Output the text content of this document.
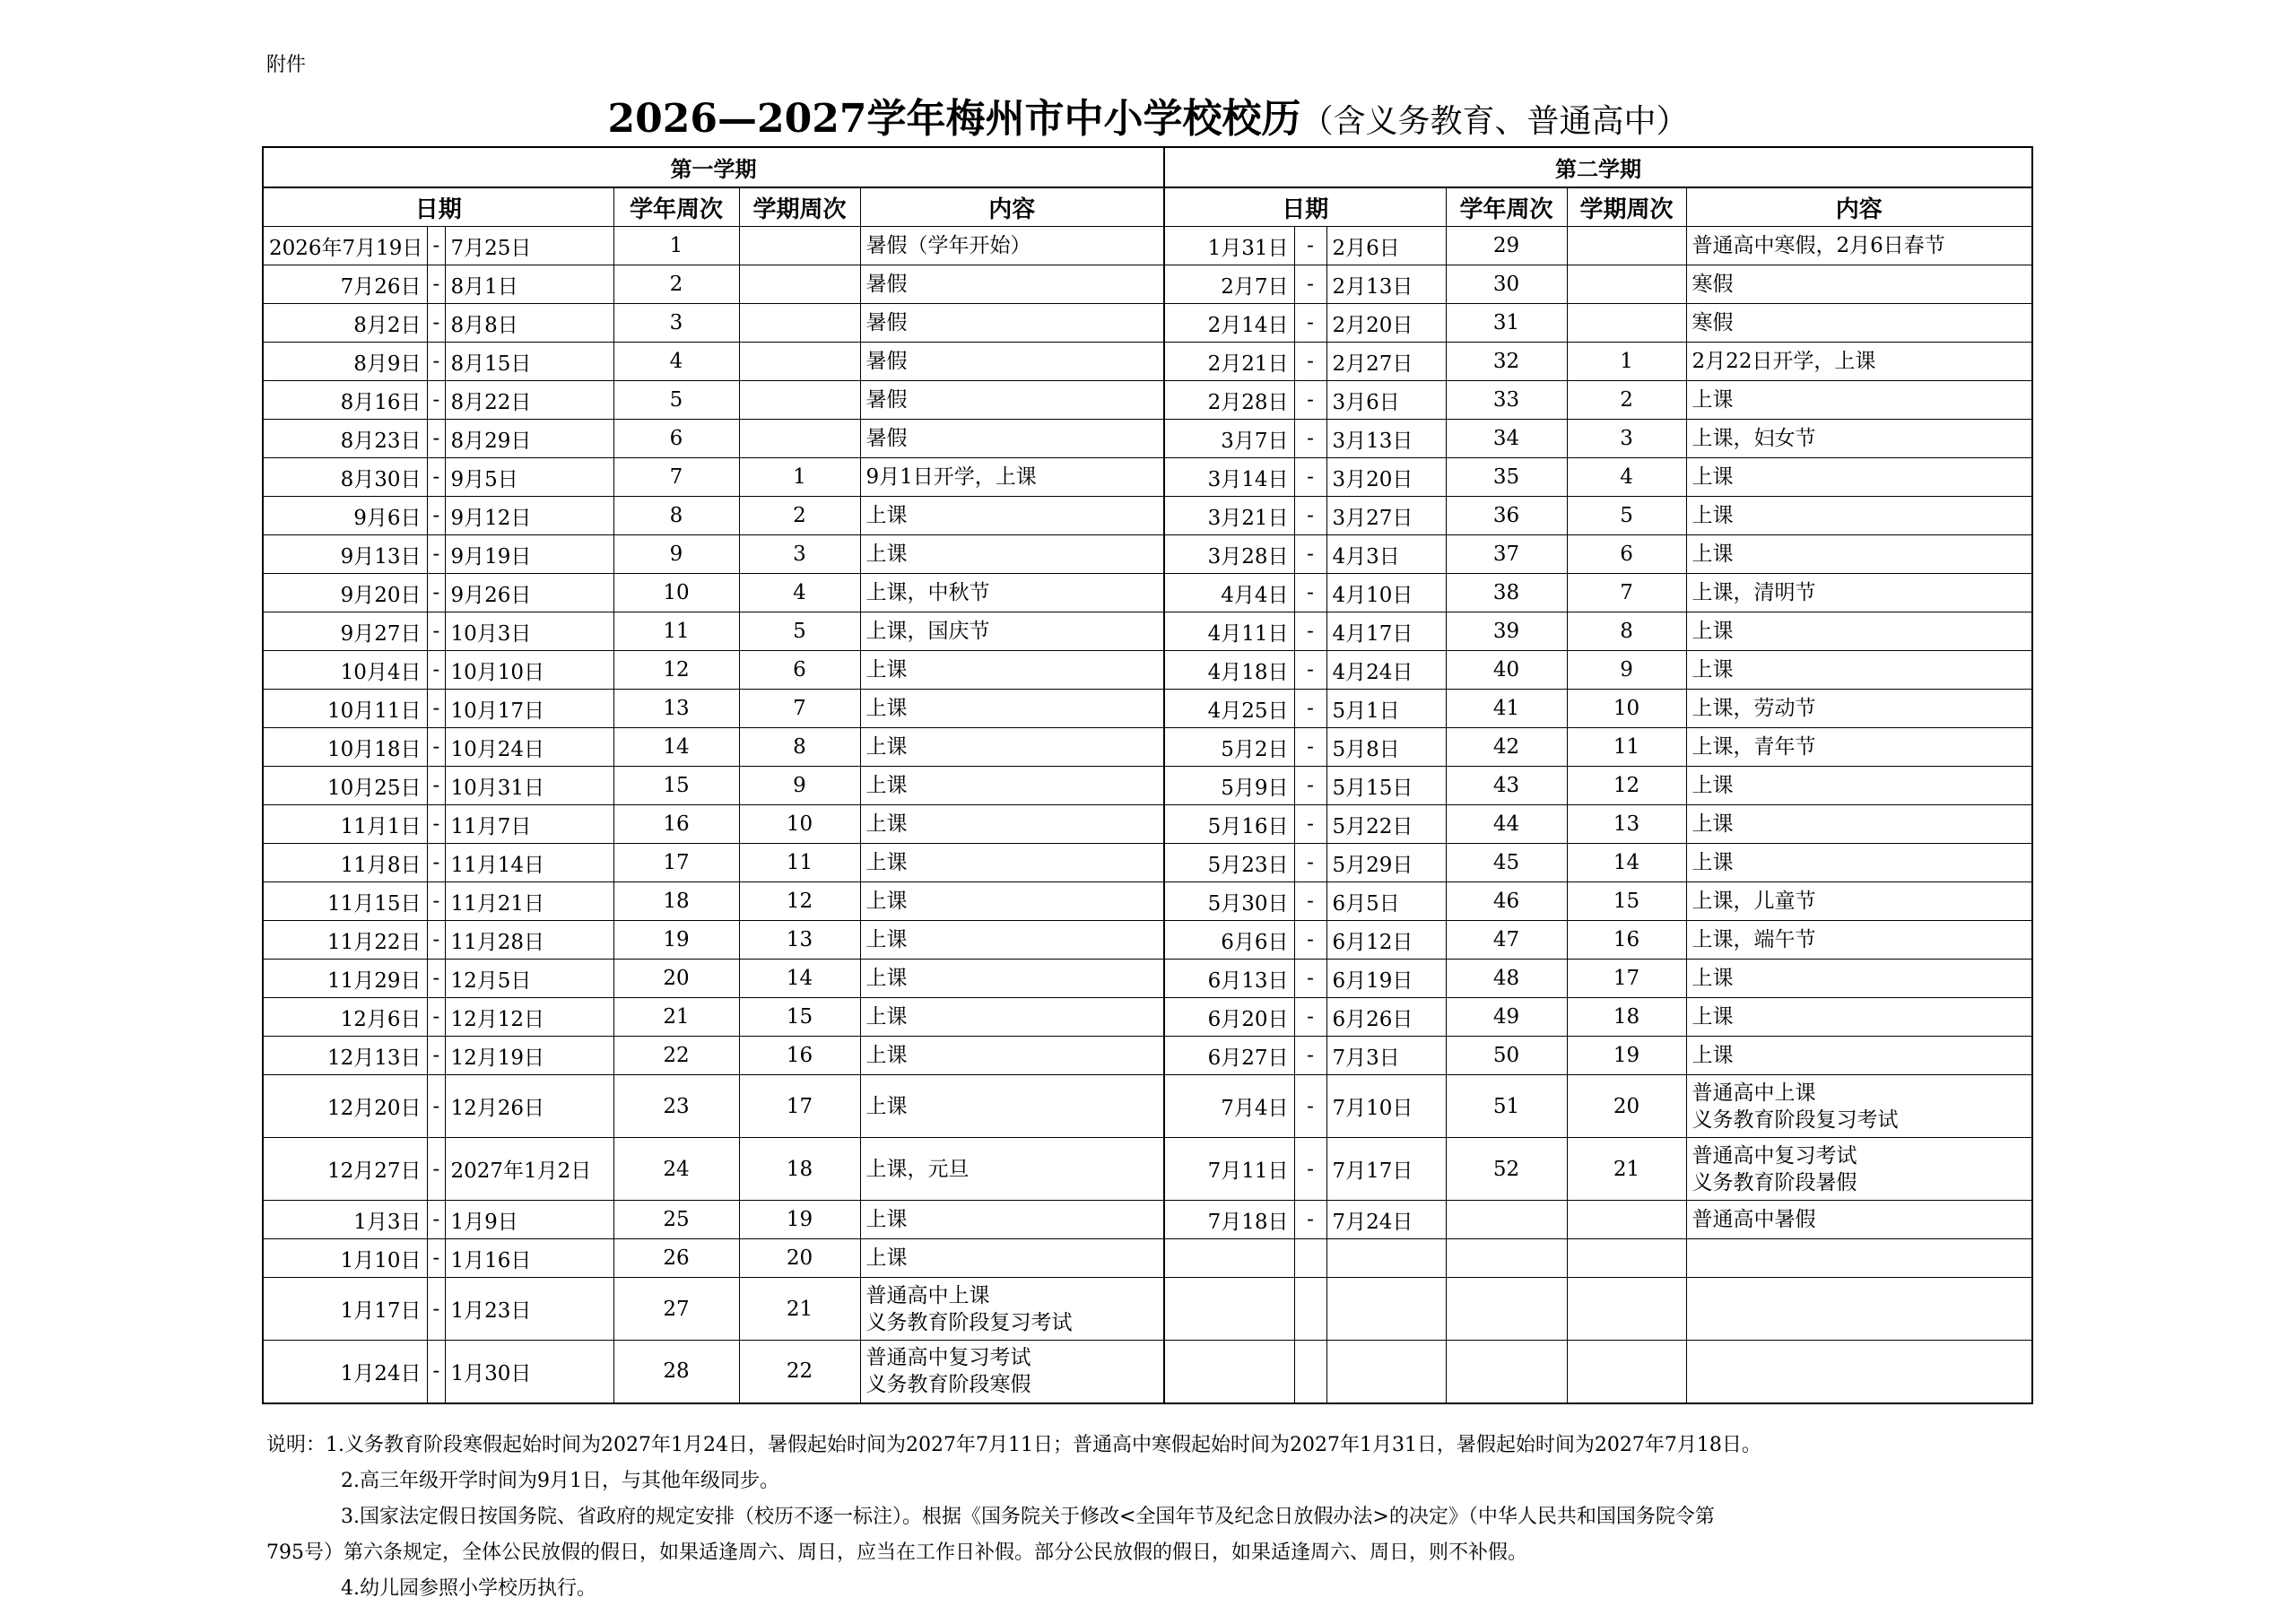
附件
2026—2027学年梅州市中小学校校历（含义务教育、普通高中）
第一学期						第二学期					
日期			学年周次	学期周次	内容	日期			学年周次	学期周次	内容
2026年7月19日	-	7月25日	1		暑假（学年开始）	1月31日	-	2月6日	29		普通高中寒假，2月6日春节

7月26日	-	8月1日	2		暑假	2月7日	-	2月13日	30		寒假

8月2日	-	8月8日	3		暑假	2月14日	-	2月20日	31		寒假

8月9日	-	8月15日	4		暑假	2月21日	-	2月27日	32	1	2月22日开学，上课

8月16日	-	8月22日	5		暑假	2月28日	-	3月6日	33	2	上课

8月23日	-	8月29日	6		暑假	3月7日	-	3月13日	34	3	上课，妇女节

8月30日	-	9月5日	7	1	9月1日开学，上课	3月14日	-	3月20日	35	4	上课

9月6日	-	9月12日	8	2	上课	3月21日	-	3月27日	36	5	上课

9月13日	-	9月19日	9	3	上课	3月28日	-	4月3日	37	6	上课

9月20日	-	9月26日	10	4	上课，中秋节	4月4日	-	4月10日	38	7	上课，清明节

9月27日	-	10月3日	11	5	上课，国庆节	4月11日	-	4月17日	39	8	上课

10月4日	-	10月10日	12	6	上课	4月18日	-	4月24日	40	9	上课

10月11日	-	10月17日	13	7	上课	4月25日	-	5月1日	41	10	上课，劳动节

10月18日	-	10月24日	14	8	上课	5月2日	-	5月8日	42	11	上课，青年节

10月25日	-	10月31日	15	9	上课	5月9日	-	5月15日	43	12	上课

11月1日	-	11月7日	16	10	上课	5月16日	-	5月22日	44	13	上课

11月8日	-	11月14日	17	11	上课	5月23日	-	5月29日	45	14	上课

11月15日	-	11月21日	18	12	上课	5月30日	-	6月5日	46	15	上课，儿童节

11月22日	-	11月28日	19	13	上课	6月6日	-	6月12日	47	16	上课，端午节

11月29日	-	12月5日	20	14	上课	6月13日	-	6月19日	48	17	上课

12月6日	-	12月12日	21	15	上课	6月20日	-	6月26日	49	18	上课

12月13日	-	12月19日	22	16	上课	6月27日	-	7月3日	50	19	上课

12月20日	-	12月26日	23	17	上课	7月4日	-	7月10日	51	20	普通高中上课
义务教育阶段复习考试

12月27日	-	2027年1月2日	24	18	上课，元旦	7月11日	-	7月17日	52	21	普通高中复习考试
义务教育阶段暑假

1月3日	-	1月9日	25	19	上课	7月18日	-	7月24日			普通高中暑假

1月10日	-	1月16日	26	20	上课						

1月17日	-	1月23日	27	21	普通高中上课
义务教育阶段复习考试						

1月24日	-	1月30日	28	22	普通高中复习考试
义务教育阶段寒假						

说明：1.义务教育阶段寒假起始时间为2027年1月24日，暑假起始时间为2027年7月11日；普通高中寒假起始时间为2027年1月31日，暑假起始时间为2027年7月18日。

2.高三年级开学时间为9月1日，与其他年级同步。

3.国家法定假日按国务院、省政府的规定安排（校历不逐一标注）。根据《国务院关于修改<全国年节及纪念日放假办法>的决定》（中华人民共和国国务院令第

795号）第六条规定，全体公民放假的假日，如果适逢周六、周日，应当在工作日补假。部分公民放假的假日，如果适逢周六、周日，则不补假。

4.幼儿园参照小学校历执行。
